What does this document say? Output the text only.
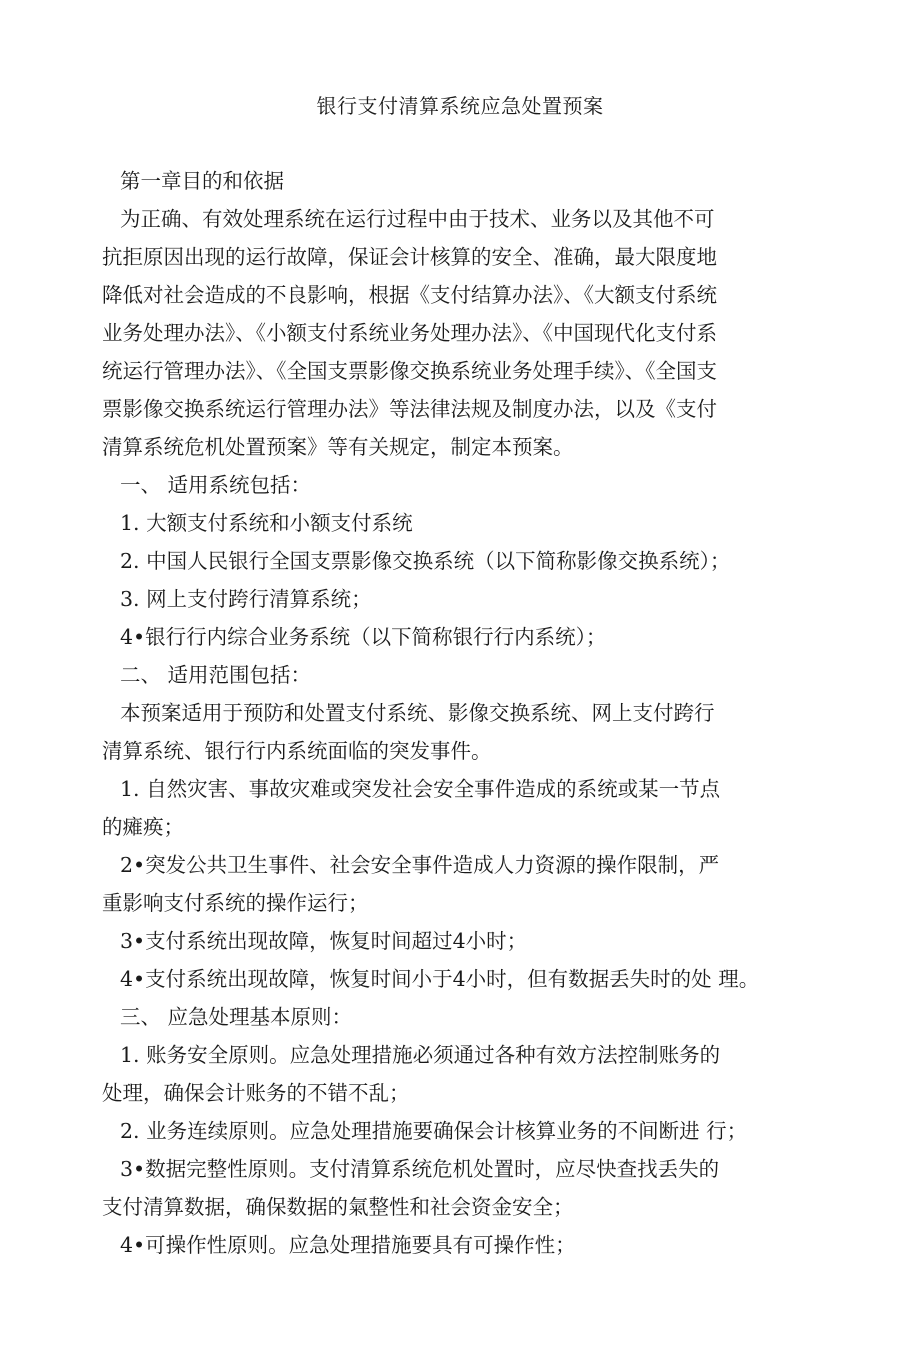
银行支付清算系统应急处置预案
第一章目的和依据
为正确、有效处理系统在运行过程中由于技术、业务以及其他不可
抗拒原因出现的运行故障，保证会计核算的安全、准确，最大限度地
降低对社会造成的不良影响，根据《支付结算办法》、《大额支付系统
业务处理办法》、《小额支付系统业务处理办法》、《中国现代化支付系
统运行管理办法》、《全国支票影像交换系统业务处理手续》、《全国支
票影像交换系统运行管理办法》等法律法规及制度办法，以及《支付
清算系统危机处置预案》等有关规定，制定本预案。
一、 适用系统包括：
1. 大额支付系统和小额支付系统
2. 中国人民银行全国支票影像交换系统（以下简称影像交换系统）；
3. 网上支付跨行清算系统；
4•银行行内综合业务系统（以下简称银行行内系统）；
二、 适用范围包括：
本预案适用于预防和处置支付系统、影像交换系统、网上支付跨行
清算系统、银行行内系统面临的突发事件。
1. 自然灾害、事故灾难或突发社会安全事件造成的系统或某一节点
的瘫痪；
2•突发公共卫生事件、社会安全事件造成人力资源的操作限制，严
重影响支付系统的操作运行；
3•支付系统出现故障，恢复时间超过4小时；
4•支付系统出现故障，恢复时间小于4小时，但有数据丢失时的处 理。
三、 应急处理基本原则：
1. 账务安全原则。应急处理措施必须通过各种有效方法控制账务的
处理，确保会计账务的不错不乱；
2. 业务连续原则。应急处理措施要确保会计核算业务的不间断进 行；
3•数据完整性原则。支付清算系统危机处置时，应尽快查找丢失的
支付清算数据，确保数据的氣整性和社会资金安全；
4•可操作性原则。应急处理措施要具有可操作性；
